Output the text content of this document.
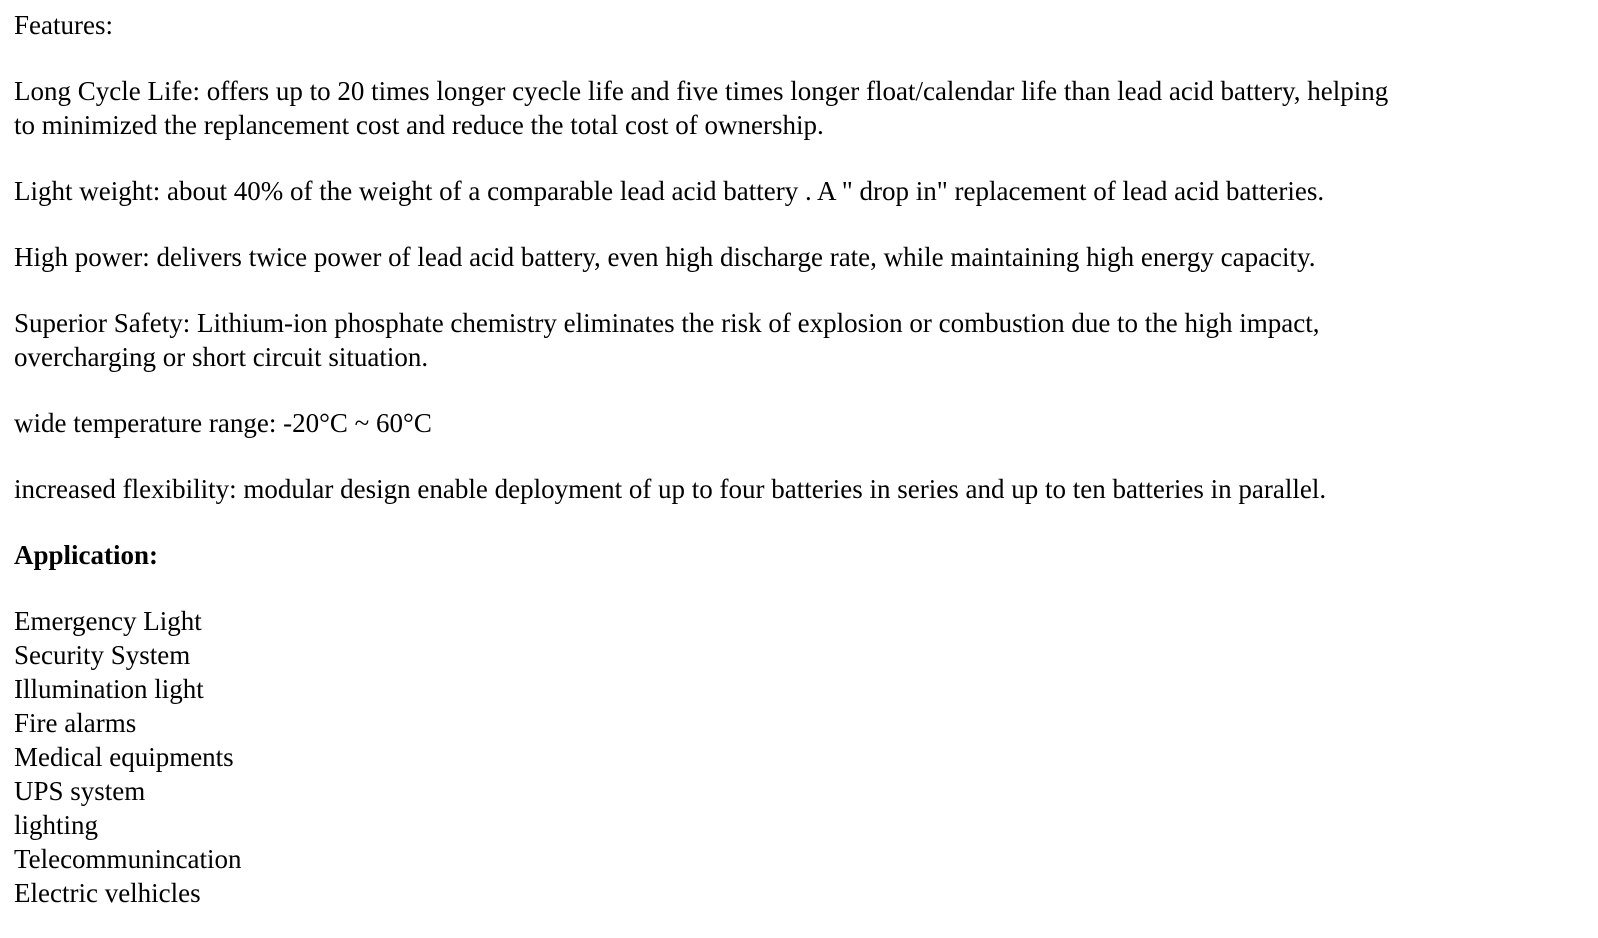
Features:
Long Cycle Life: offers up to 20 times longer cyecle life and five times longer float/calendar life than lead acid battery, helping to minimized the replancement cost and reduce the total cost of ownership.
Light weight: about 40% of the weight of a comparable lead acid battery . A " drop in" replacement of lead acid batteries.
High power: delivers twice power of lead acid battery, even high discharge rate, while maintaining high energy capacity.
Superior Safety: Lithium-ion phosphate chemistry eliminates the risk of explosion or combustion due to the high impact, overcharging or short circuit situation.
wide temperature range: -20°C ~ 60°C
increased flexibility: modular design enable deployment of up to four batteries in series and up to ten batteries in parallel.
Application:
Emergency Light
Security System
Illumination light
Fire alarms
Medical equipments
UPS system
lighting
Telecommunincation
Electric velhicles
